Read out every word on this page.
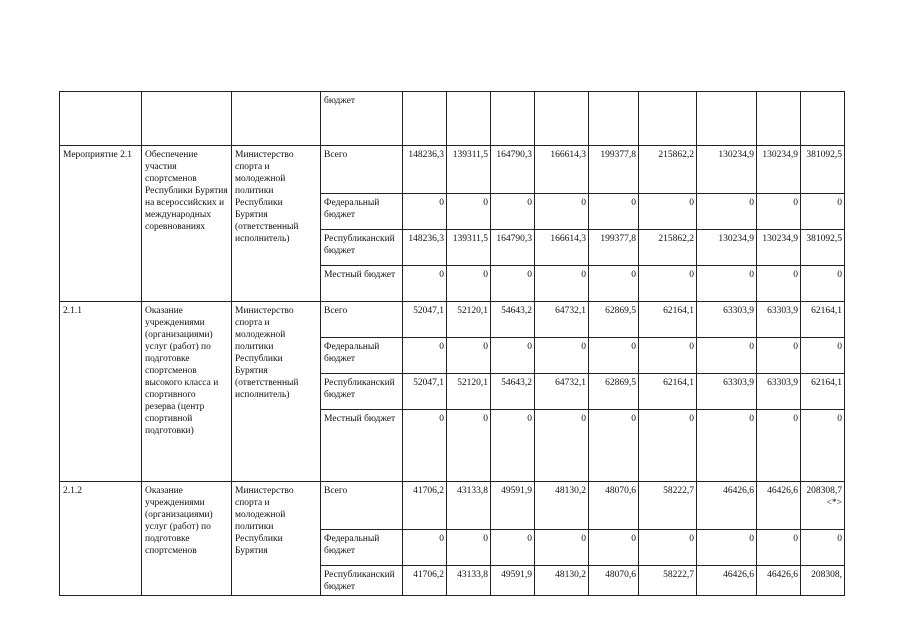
			бюджет									
Мероприятие 2.1	Обеспечение участия спортсменов Республики Бурятия на всероссийских и международных соревнованиях	Министерство спорта и молодежной политики Республики Бурятия (ответственный исполнитель)	Всего	148236,3	139311,5	164790,3	166614,3	199377,8	215862,2	130234,9	130234,9	381092,5
			Федеральный бюджет	0	0	0	0	0	0	0	0	0
			Республиканский бюджет	148236,3	139311,5	164790,3	166614,3	199377,8	215862,2	130234,9	130234,9	381092,5
			Местный бюджет	0	0	0	0	0	0	0	0	0
2.1.1	Оказание учреждениями (организациями) услуг (работ) по подготовке спортсменов высокого класса и спортивного резерва (центр спортивной подготовки)	Министерство спорта и молодежной политики Республики Бурятия (ответственный исполнитель)	Всего	52047,1	52120,1	54643,2	64732,1	62869,5	62164,1	63303,9	63303,9	62164,1
			Федеральный бюджет	0	0	0	0	0	0	0	0	0
			Республиканский бюджет	52047,1	52120,1	54643,2	64732,1	62869,5	62164,1	63303,9	63303,9	62164,1
			Местный бюджет	0	0	0	0	0	0	0	0	0
2.1.2	Оказание учреждениями (организациями) услуг (работ) по подготовке спортсменов	Министерство спорта и молодежной политики Республики Бурятия	Всего	41706,2	43133,8	49591,9	48130,2	48070,6	58222,7	46426,6	46426,6	208308,7<*>
			Федеральный бюджет	0	0	0	0	0	0	0	0	0
			Республиканский бюджет	41706,2	43133,8	49591,9	48130,2	48070,6	58222,7	46426,6	46426,6	208308,
